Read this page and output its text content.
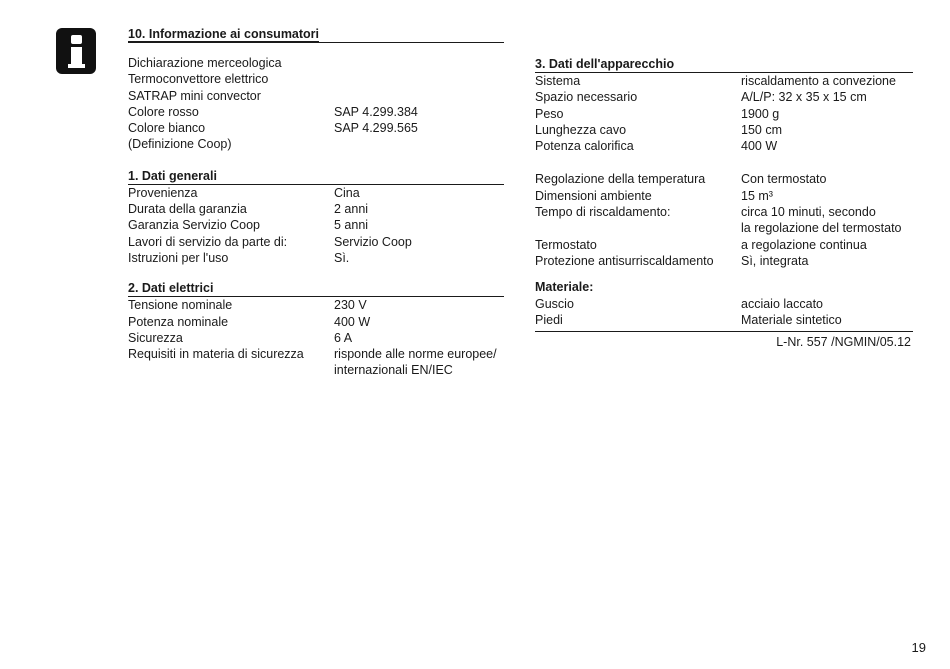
10. Informazione ai consumatori
Dichiarazione merceologica
Termoconvettore elettrico
SATRAP mini convector
Colore rosso	SAP 4.299.384
Colore bianco	SAP 4.299.565
(Definizione Coop)
1. Dati generali
Provenienza	Cina
Durata della garanzia	2 anni
Garanzia Servizio Coop	5 anni
Lavori di servizio da parte di:	Servizio Coop
Istruzioni per l'uso	Sì.
2. Dati elettrici
Tensione nominale	230 V
Potenza nominale	400 W
Sicurezza	6 A
Requisiti in materia di sicurezza	risponde alle norme europee/
internazionali EN/IEC
3. Dati dell'apparecchio
Sistema	riscaldamento a convezione
Spazio necessario	A/L/P: 32 x 35 x 15 cm
Peso	1900 g
Lunghezza cavo	150 cm
Potenza calorifica	400 W
Regolazione della temperatura	Con termostato
Dimensioni ambiente	15 m³
Tempo di riscaldamento:	circa 10 minuti, secondo
la regolazione del termostato
Termostato	a regolazione continua
Protezione antisurriscaldamento	Sì, integrata
Materiale:
Guscio	acciaio laccato
Piedi	Materiale sintetico
L-Nr. 557 /NGMIN/05.12
19
